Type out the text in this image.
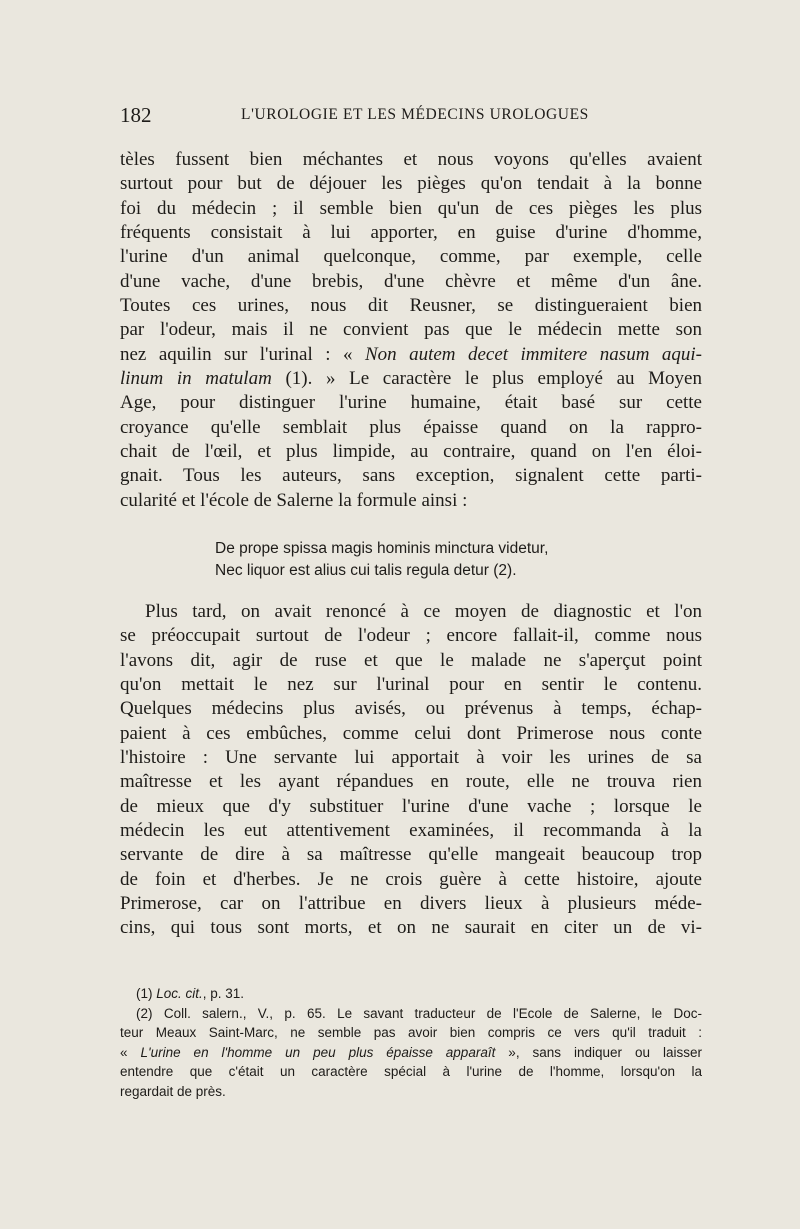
182	L'UROLOGIE ET LES MÉDECINS UROLOGUES
tèles fussent bien méchantes et nous voyons qu'elles avaient
surtout pour but de déjouer les pièges qu'on tendait à la bonne
foi du médecin ; il semble bien qu'un de ces pièges les plus
fréquents consistait à lui apporter, en guise d'urine d'homme,
l'urine d'un animal quelconque, comme, par exemple, celle
d'une vache, d'une brebis, d'une chèvre et même d'un âne.
Toutes ces urines, nous dit Reusner, se distingueraient bien
par l'odeur, mais il ne convient pas que le médecin mette son
nez aquilin sur l'urinal : « Non autem decet immitere nasum aqui-
linum in matulam (1). » Le caractère le plus employé au Moyen
Age, pour distinguer l'urine humaine, était basé sur cette
croyance qu'elle semblait plus épaisse quand on la rappro-
chait de l'œil, et plus limpide, au contraire, quand on l'en éloi-
gnait. Tous les auteurs, sans exception, signalent cette parti-
cularité et l'école de Salerne la formule ainsi :
De prope spissa magis hominis minctura videtur,
Nec liquor est alius cui talis regula detur (2).
Plus tard, on avait renoncé à ce moyen de diagnostic et l'on
se préoccupait surtout de l'odeur ; encore fallait-il, comme nous
l'avons dit, agir de ruse et que le malade ne s'aperçut point
qu'on mettait le nez sur l'urinal pour en sentir le contenu.
Quelques médecins plus avisés, ou prévenus à temps, échap-
paient à ces embûches, comme celui dont Primerose nous conte
l'histoire : Une servante lui apportait à voir les urines de sa
maîtresse et les ayant répandues en route, elle ne trouva rien
de mieux que d'y substituer l'urine d'une vache ; lorsque le
médecin les eut attentivement examinées, il recommanda à la
servante de dire à sa maîtresse qu'elle mangeait beaucoup trop
de foin et d'herbes. Je ne crois guère à cette histoire, ajoute
Primerose, car on l'attribue en divers lieux à plusieurs méde-
cins, qui tous sont morts, et on ne saurait en citer un de vi-
(1) Loc. cit., p. 31.
(2) Coll. salern., V., p. 65. Le savant traducteur de l'Ecole de Salerne, le Doc-
teur Meaux Saint-Marc, ne semble pas avoir bien compris ce vers qu'il traduit :
« L'urine en l'homme un peu plus épaisse apparaît », sans indiquer ou laisser
entendre que c'était un caractère spécial à l'urine de l'homme, lorsqu'on la
regardait de près.
